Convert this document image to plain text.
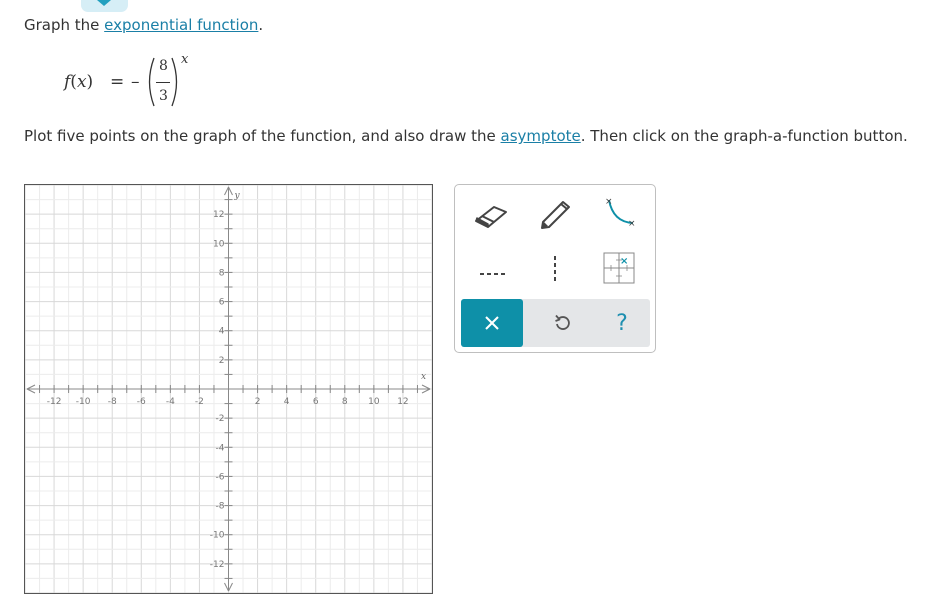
Graph the exponential function.
f(x) = –
8
3
x
Plot five points on the graph of the function, and also draw the asymptote. Then click on the graph-a-function button.
-12 -10 -8 -6 -4 -2	2	4	6	8 10 12
12
10
8
6
4
2
-2
-4
-6
-8
-10
-12
x
y
×
×
×
?
